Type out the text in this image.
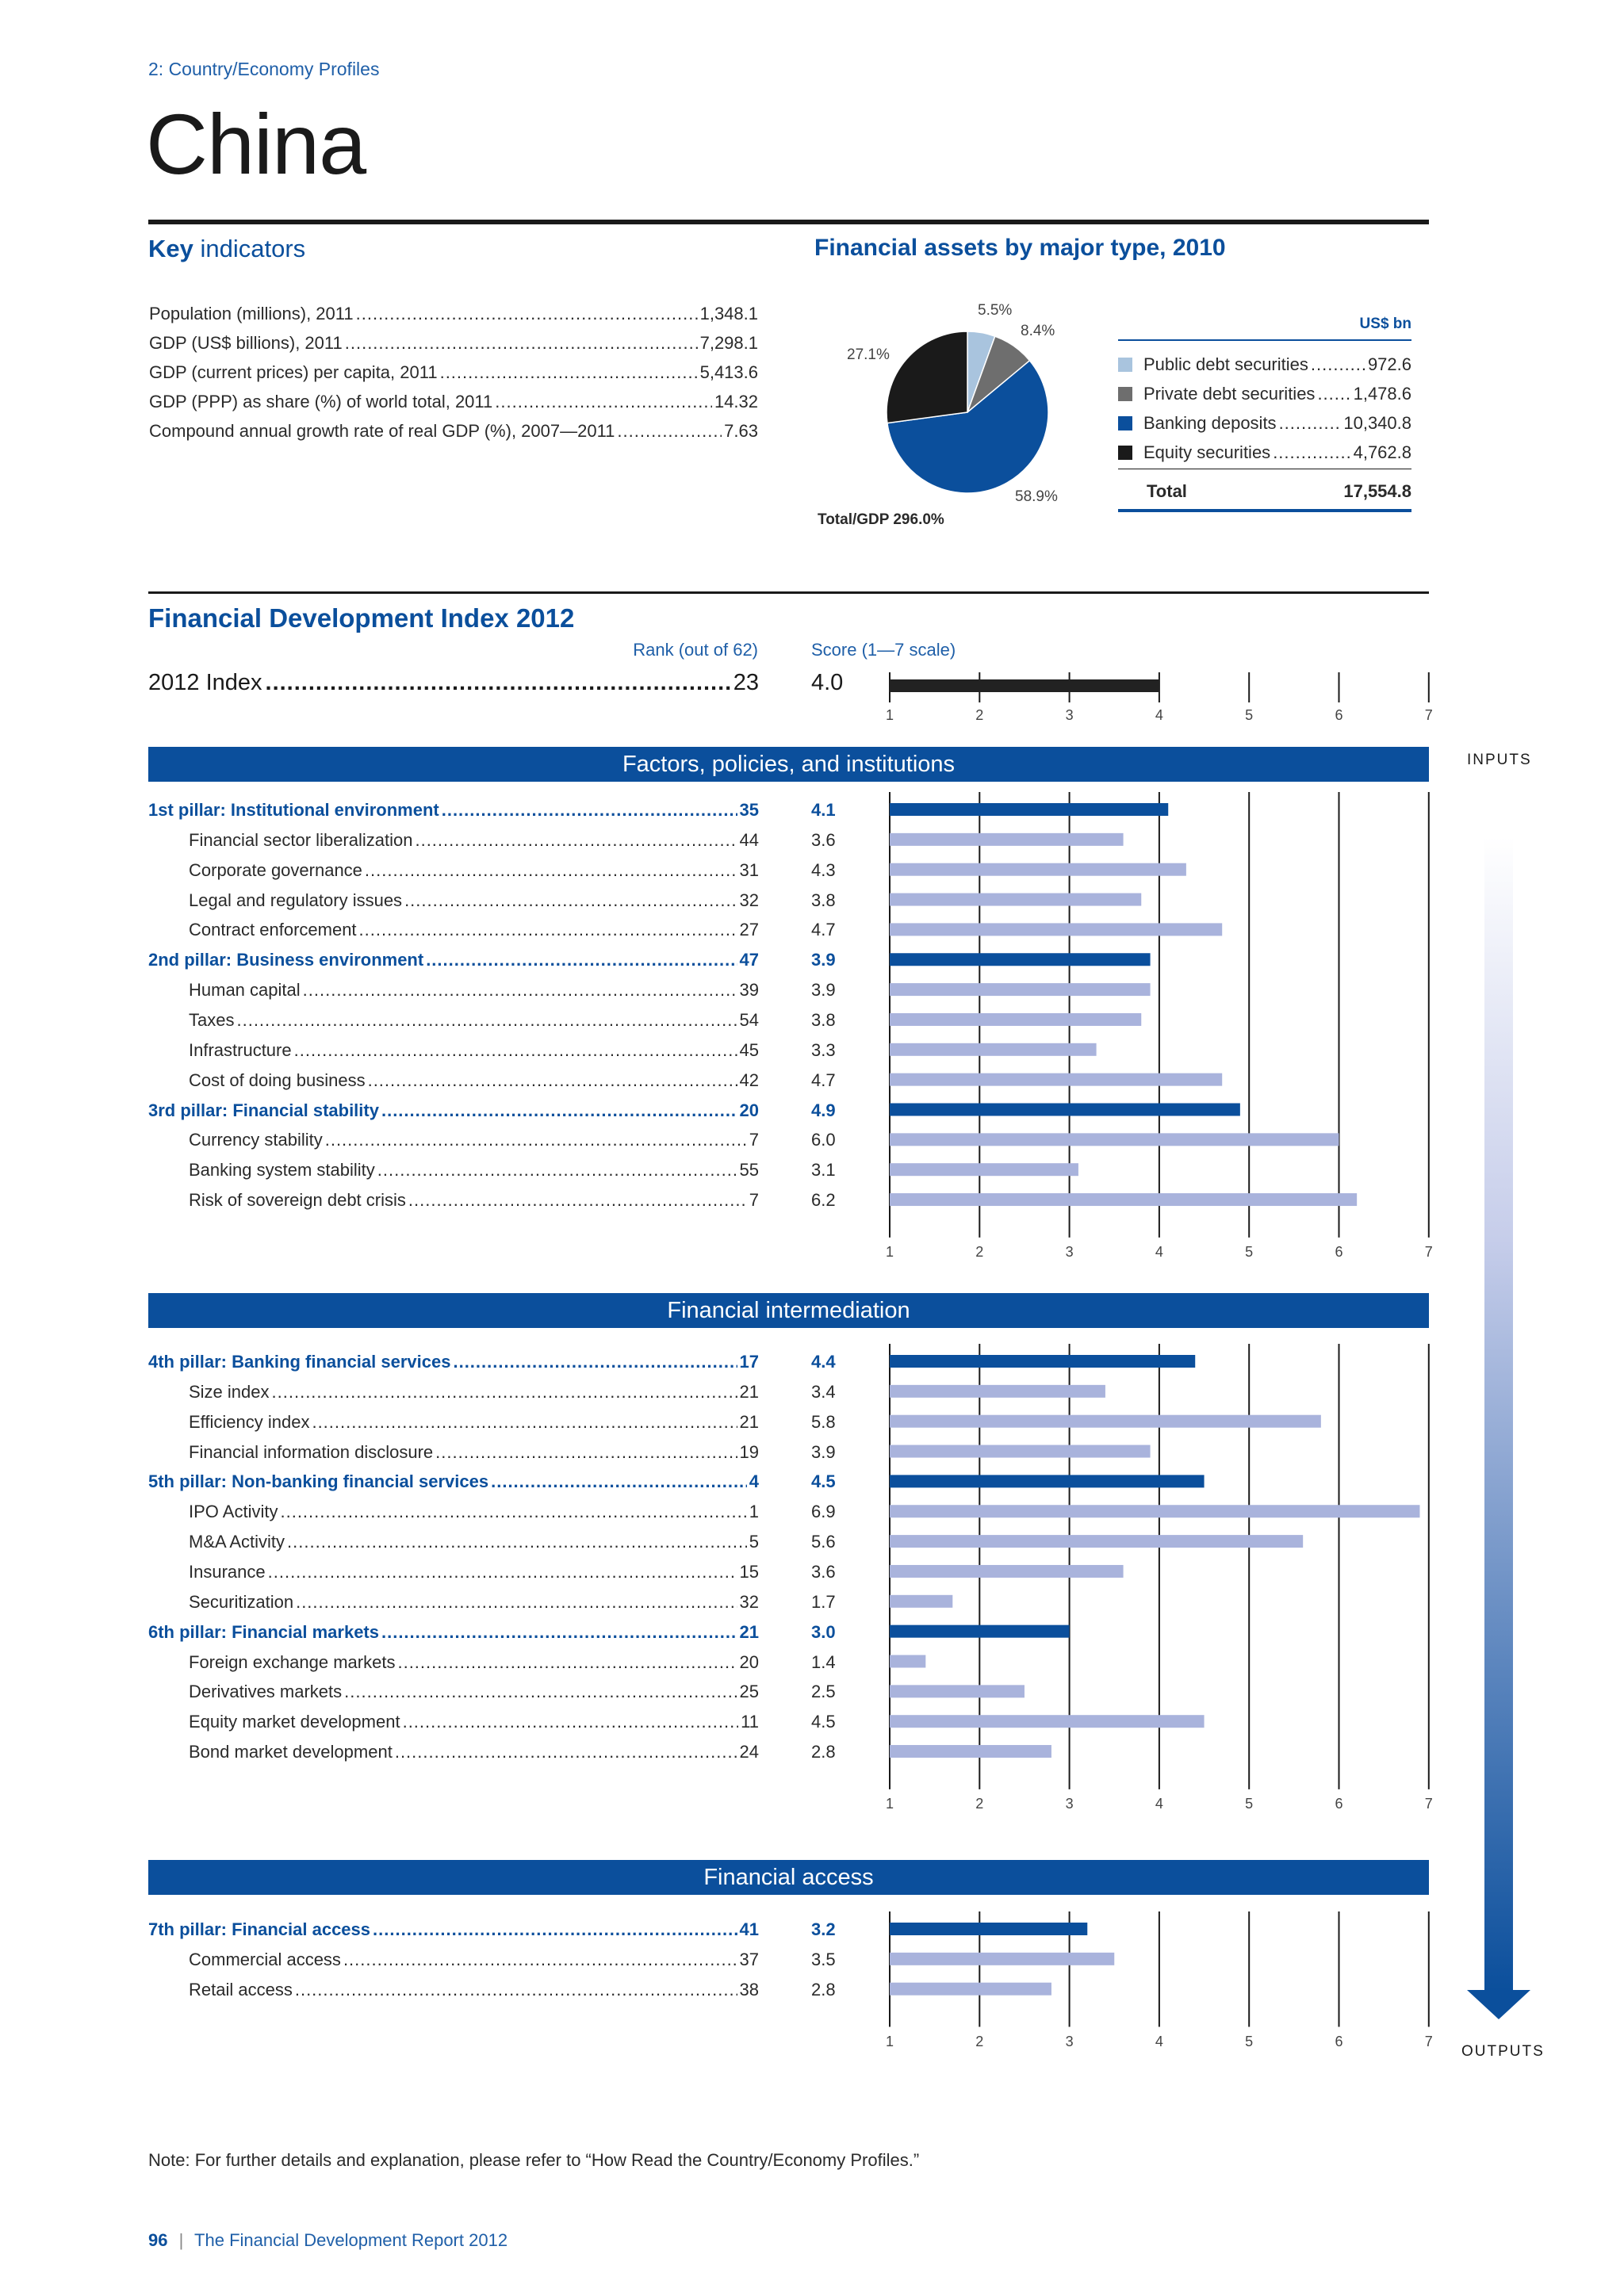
2: Country/Economy Profiles
China
Key indicators
Population (millions), 2011 .....	1,348.1
GDP (US$ billions), 2011 .....	7,298.1
GDP (current prices) per capita, 2011 .....	5,413.6
GDP (PPP) as share (%) of world total, 2011 .....	14.32
Compound annual growth rate of real GDP (%), 2007—2011 .....	7.63
Financial assets by major type, 2010
5.5%
8.4%
58.9%
27.1%
Total/GDP 296.0%
US$ bn
Public debt securities .....	972.6
Private debt securities ..... 1,478.6
Banking deposits .....	10,340.8
Equity securities .....	4,762.8
Total	17,554.8
Financial Development Index 2012
Rank (out of 62)	Score (1—7 scale)
2012 Index .....	23 4.0
1	2	3	4	5	6	7
Factors, policies, and institutions
1	2	3	4	5	6	7
1st pillar: Institutional environment .....	35	4.1
Financial sector liberalization .....	44	3.6
Corporate governance .....	31	4.3
Legal and regulatory issues .....	32	3.8
Contract enforcement .....	27	4.7
2nd pillar: Business environment .....	47	3.9
Human capital .....	39	3.9
Taxes .....	54	3.8
Infrastructure .....	45	3.3
Cost of doing business .....	42	4.7
3rd pillar: Financial stability .....	20	4.9
Currency stability .....	7	6.0
Banking system stability .....	55	3.1
Risk of sovereign debt crisis .....	7	6.2
Financial intermediation
1	2	3	4	5	6	7
4th pillar: Banking financial services .....	17	4.4
Size index .....	21	3.4
Efficiency index .....	21	5.8
Financial information disclosure .....	19	3.9
5th pillar: Non-banking financial services .....	4	4.5
IPO Activity .....	1	6.9
M&A Activity .....	5	5.6
Insurance .....	15	3.6
Securitization .....	32	1.7
6th pillar: Financial markets .....	21	3.0
Foreign exchange markets .....	20	1.4
Derivatives markets .....	25	2.5
Equity market development .....	11	4.5
Bond market development .....	24	2.8
Financial access
1	2	3	4	5	6	7
7th pillar: Financial access .....	41	3.2
Commercial access .....	37	3.5
Retail access .....	38	2.8
INPUTS
OUTPUTS
Note: For further details and explanation, please refer to “How Read the Country/Economy Profiles.”
96 | The Financial Development Report 2012
